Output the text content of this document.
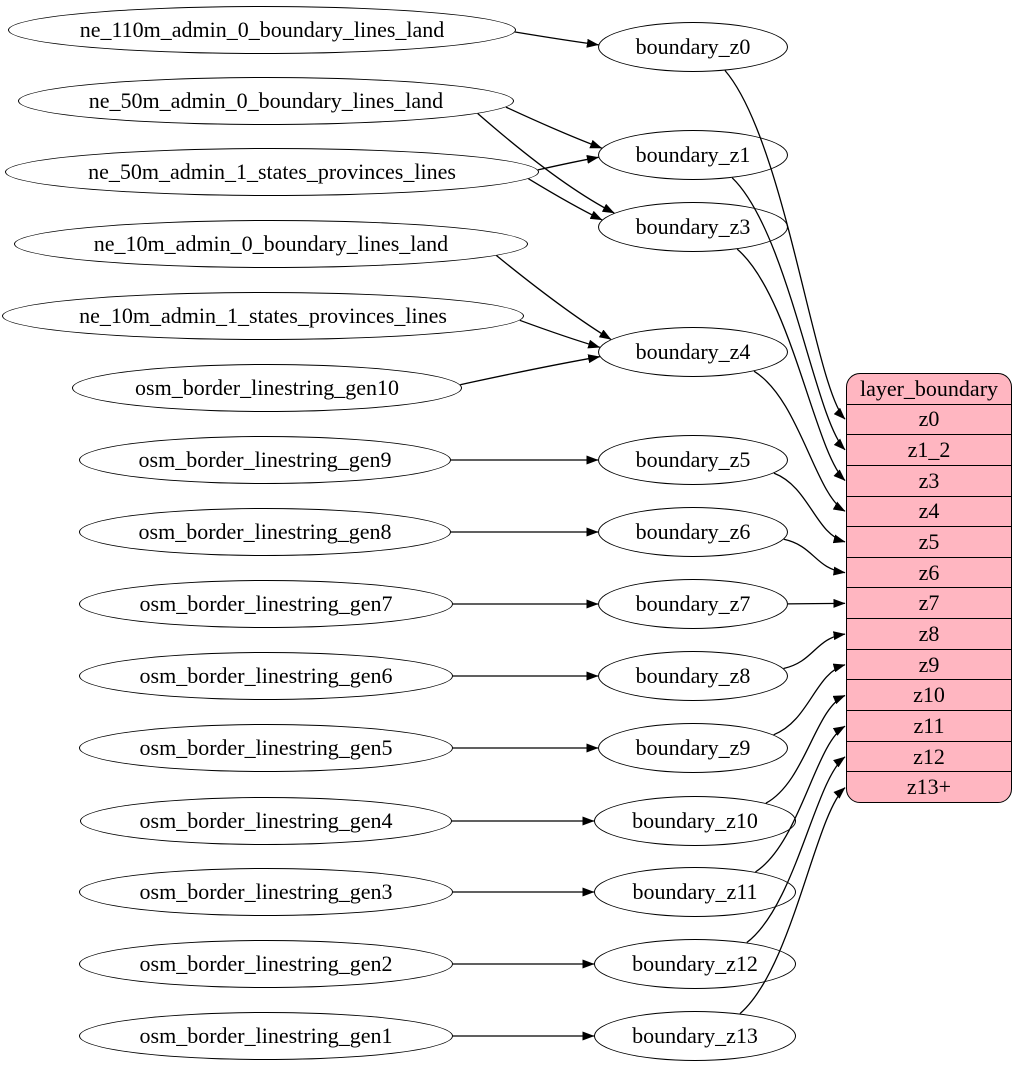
layer_boundary
z0
z1_2
z3
z4
z5
z6
z7
z8
z9
z10
z11
z12
z13+
ne_110m_admin_0_boundary_lines_land
ne_50m_admin_0_boundary_lines_land
ne_50m_admin_1_states_provinces_lines
ne_10m_admin_0_boundary_lines_land
ne_10m_admin_1_states_provinces_lines
osm_border_linestring_gen10
osm_border_linestring_gen9
osm_border_linestring_gen8
osm_border_linestring_gen7
osm_border_linestring_gen6
osm_border_linestring_gen5
osm_border_linestring_gen4
osm_border_linestring_gen3
osm_border_linestring_gen2
osm_border_linestring_gen1
boundary_z0
boundary_z1
boundary_z3
boundary_z4
boundary_z5
boundary_z6
boundary_z7
boundary_z8
boundary_z9
boundary_z10
boundary_z11
boundary_z12
boundary_z13
